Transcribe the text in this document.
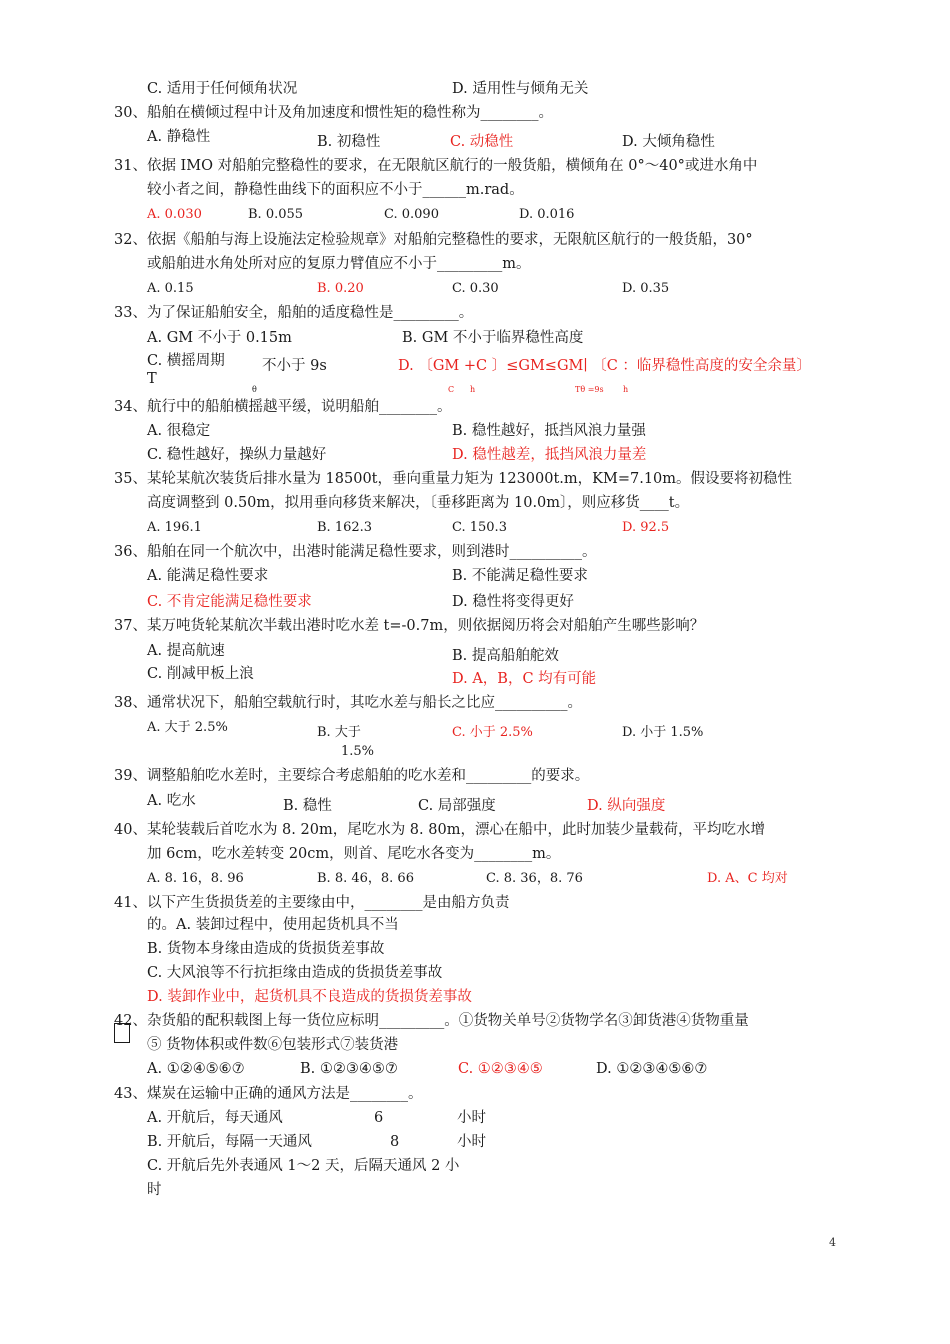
C. 适用于任何倾角状况	D. 适用性与倾角无关
30、船舶在横倾过程中计及角加速度和惯性矩的稳性称为________。
A. 静稳性	B. 初稳性	C. 动稳性	D. 大倾角稳性
31、依据 IMO 对船舶完整稳性的要求，在无限航区航行的一般货船，横倾角在 0°～40°或进水角中
较小者之间，静稳性曲线下的面积应不小于______m.rad。
A. 0.030	B. 0.055	C. 0.090	D. 0.016
32、依据《船舶与海上设施法定检验规章》对船舶完整稳性的要求，无限航区航行的一般货船，30°
或船舶进水角处所对应的复原力臂值应不小于_________m。
A. 0.15	B. 0.20	C. 0.30	D. 0.35
33、为了保证船舶安全，船舶的适度稳性是_________。
A. GM 不小于 0.15m	B. GM 不小于临界稳性高度
C. 横摇周期	不小于 9s
T
θ
D. 〔GM +C 〕≤GM≤GM∣ 〔C ：临界稳性高度的安全余量〕
C h	Tθ =9s h
34、航行中的船舶横摇越平缓，说明船舶________。
A. 很稳定	B. 稳性越好，抵挡风浪力量强
C. 稳性越好，操纵力量越好	D. 稳性越差，抵挡风浪力量差
35、某轮某航次装货后排水量为 18500t，垂向重量力矩为 123000t.m，KM=7.10m。假设要将初稳性
高度调整到 0.50m，拟用垂向移货来解决，〔垂移距离为 10.0m〕，则应移货____t。
A. 196.1	B. 162.3	C. 150.3	D. 92.5
36、船舶在同一个航次中，出港时能满足稳性要求，则到港时__________。
A. 能满足稳性要求	B. 不能满足稳性要求
C. 不肯定能满足稳性要求	D. 稳性将变得更好
37、某万吨货轮某航次半载出港时吃水差 t=-0.7m，则依据阅历将会对船舶产生哪些影响？
A. 提高航速	B. 提高船舶舵效
C. 削减甲板上浪	D. A，B，C 均有可能
38、通常状况下，船舶空载航行时，其吃水差与船长之比应__________。
A. 大于 2.5%	B. 大于
1.5%
C. 小于 2.5%	D. 小于 1.5%
39、调整船舶吃水差时，主要综合考虑船舶的吃水差和_________的要求。
A. 吃水	B. 稳性	C. 局部强度	D. 纵向强度
40、某轮装载后首吃水为 8. 20m，尾吃水为 8. 80m，漂心在船中，此时加装少量载荷，平均吃水增
加 6cm，吃水差转变 20cm，则首、尾吃水各变为________m。
A. 8. 16，8. 96	B. 8. 46，8. 66	C. 8. 36，8. 76	D. A、C 均对
41、以下产生货损货差的主要缘由中，________是由船方负责
的。A. 装卸过程中，使用起货机具不当
B. 货物本身缘由造成的货损货差事故
C. 大风浪等不行抗拒缘由造成的货损货差事故
D. 装卸作业中，起货机具不良造成的货损货差事故
42、杂货船的配积载图上每一货位应标明_________。①货物关单号②货物学名③卸货港④货物重量
⑤ 货物体积或件数⑥包装形式⑦装货港
A. ①②④⑤⑥⑦	B. ①②③④⑤⑦	C. ①②③④⑤	D. ①②③④⑤⑥⑦
43、煤炭在运输中正确的通风方法是________。
A. 开航后，每天通风	6	小时
B. 开航后，每隔一天通风	8	小时
C. 开航后先外表通风 1～2 天，后隔天通风 2 小
时
4
